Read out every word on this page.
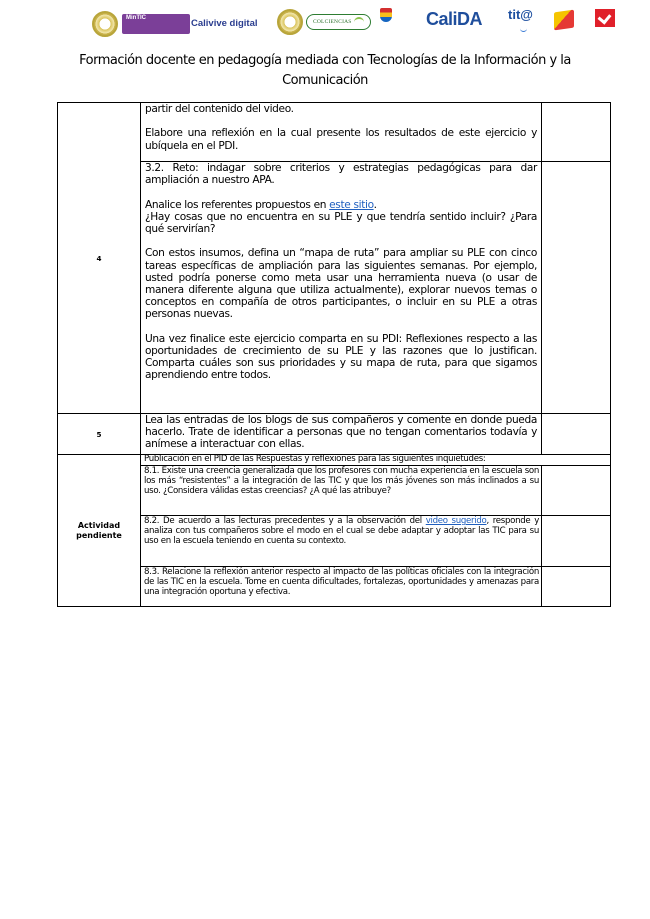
MinTIC	Calivive digital	COLCIENCIAS	CaliDA tit@
Formación docente en pedagogía mediada con Tecnologías de la Información y la
Comunicación
4	partir del contenido del video.

Elabore una reflexión en la cual presente los resultados de este ejercicio y ubíquela en el PDI.	

	3.2. Reto: indagar sobre criterios y estrategias pedagógicas para dar ampliación a nuestro APA.

Analice los referentes propuestos en este sitio.

¿Hay cosas que no encuentra en su PLE y que tendría sentido incluir? ¿Para qué servirían?

Con estos insumos, defina un “mapa de ruta” para ampliar su PLE con cinco tareas específicas de ampliación para las siguientes semanas. Por ejemplo, usted podría ponerse como meta usar una herramienta nueva (o usar de manera diferente alguna que utiliza actualmente), explorar nuevos temas o conceptos en compañía de otros participantes, o incluir en su PLE a otras personas nuevas.

Una vez finalice este ejercicio comparta en su PDI: Reflexiones respecto a las oportunidades de crecimiento de su PLE y las razones que lo justifican. Comparta cuáles son sus prioridades y su mapa de ruta, para que sigamos aprendiendo entre todos.	

5	Lea las entradas de los blogs de sus compañeros y comente en donde pueda hacerlo. Trate de identificar a personas que no tengan comentarios todavía y anímese a interactuar con ellas.	

Actividad
pendiente	Publicación en el PID de las Respuestas y reflexiones para las siguientes inquietudes:	

	8.1. Existe una creencia generalizada que los profesores con mucha experiencia en la escuela son los más “resistentes” a la integración de las TIC y que los más jóvenes son más inclinados a su uso. ¿Considera válidas estas creencias? ¿A qué las atribuye?	

	8.2. De acuerdo a las lecturas precedentes y a la observación del video sugerido, responde y analiza con tus compañeros sobre el modo en el cual se debe adaptar y adoptar las TIC para su uso en la escuela teniendo en cuenta su contexto.	

	8.3. Relacione la reflexión anterior respecto al impacto de las políticas oficiales con la integración de las TIC en la escuela. Tome en cuenta dificultades, fortalezas, oportunidades y amenazas para una integración oportuna y efectiva.	
